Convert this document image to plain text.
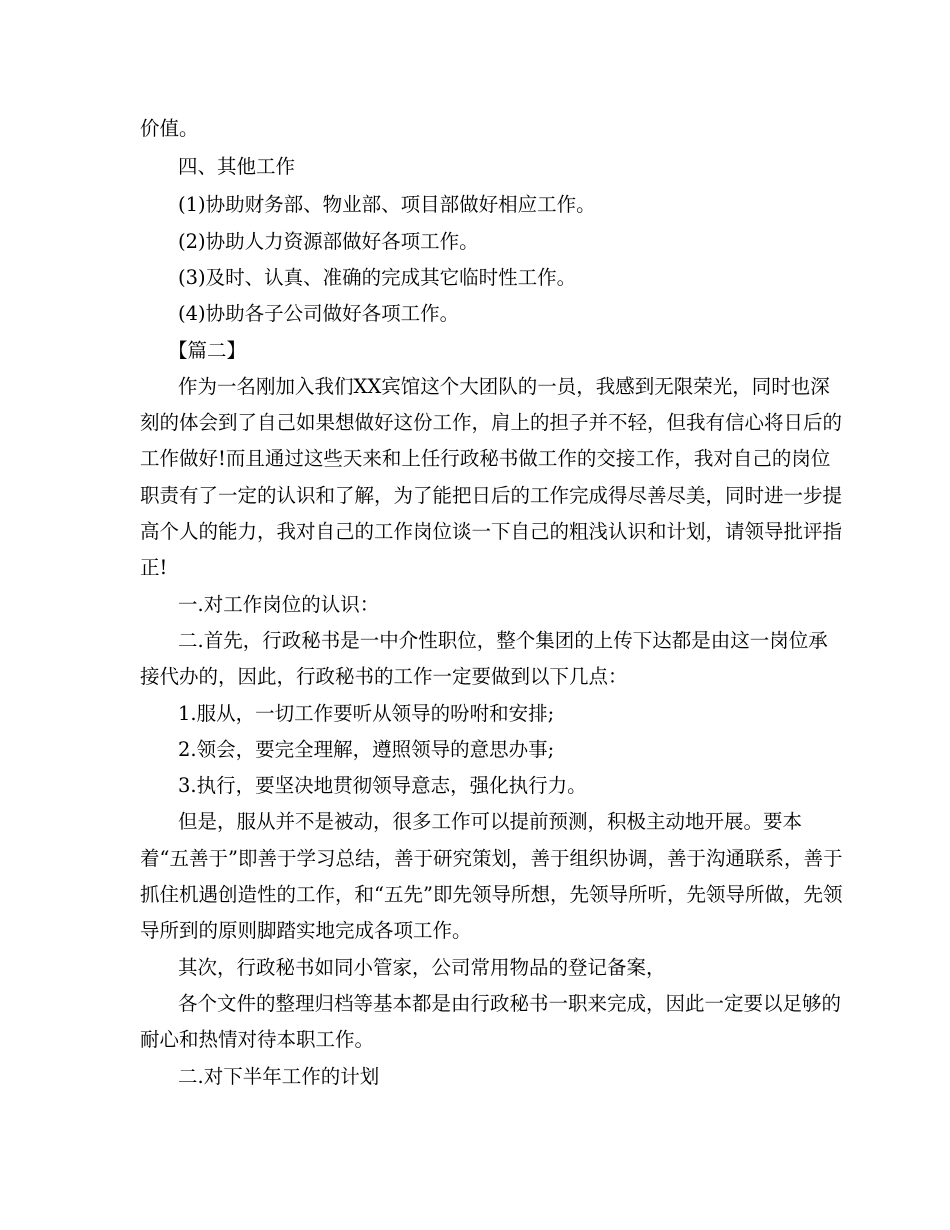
价值。
四、其他工作
(1)协助财务部、物业部、项目部做好相应工作。
(2)协助人力资源部做好各项工作。
(3)及时、认真、准确的完成其它临时性工作。
(4)协助各子公司做好各项工作。
【篇二】
作为一名刚加入我们XX宾馆这个大团队的一员，我感到无限荣光，同时也深
刻的体会到了自己如果想做好这份工作，肩上的担子并不轻，但我有信心将日后的
工作做好!而且通过这些天来和上任行政秘书做工作的交接工作，我对自己的岗位
职责有了一定的认识和了解，为了能把日后的工作完成得尽善尽美，同时进一步提
高个人的能力，我对自己的工作岗位谈一下自己的粗浅认识和计划，请领导批评指
正!
一.对工作岗位的认识：
二.首先，行政秘书是一中介性职位，整个集团的上传下达都是由这一岗位承
接代办的，因此，行政秘书的工作一定要做到以下几点：
1.服从，一切工作要听从领导的吩咐和安排;
2.领会，要完全理解，遵照领导的意思办事;
3.执行，要坚决地贯彻领导意志，强化执行力。
但是，服从并不是被动，很多工作可以提前预测，积极主动地开展。要本
着“五善于”即善于学习总结，善于研究策划，善于组织协调，善于沟通联系，善于
抓住机遇创造性的工作，和“五先”即先领导所想，先领导所听，先领导所做，先领
导所到的原则脚踏实地完成各项工作。
其次，行政秘书如同小管家，公司常用物品的登记备案，
各个文件的整理归档等基本都是由行政秘书一职来完成，因此一定要以足够的
耐心和热情对待本职工作。
二.对下半年工作的计划
